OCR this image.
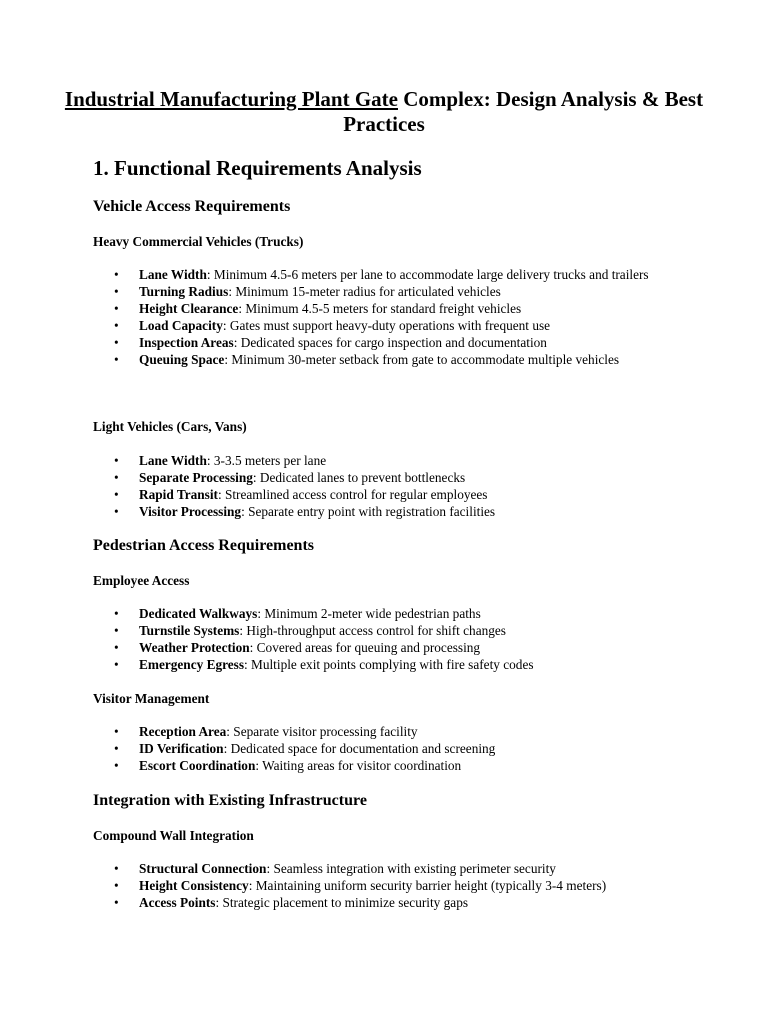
Industrial Manufacturing Plant Gate Complex: Design Analysis & Best Practices
1. Functional Requirements Analysis
Vehicle Access Requirements
Heavy Commercial Vehicles (Trucks)
• Lane Width: Minimum 4.5-6 meters per lane to accommodate large delivery trucks and trailers
• Turning Radius: Minimum 15-meter radius for articulated vehicles
• Height Clearance: Minimum 4.5-5 meters for standard freight vehicles
• Load Capacity: Gates must support heavy-duty operations with frequent use
• Inspection Areas: Dedicated spaces for cargo inspection and documentation
• Queuing Space: Minimum 30-meter setback from gate to accommodate multiple vehicles
Light Vehicles (Cars, Vans)
• Lane Width: 3-3.5 meters per lane
• Separate Processing: Dedicated lanes to prevent bottlenecks
• Rapid Transit: Streamlined access control for regular employees
• Visitor Processing: Separate entry point with registration facilities
Pedestrian Access Requirements
Employee Access
• Dedicated Walkways: Minimum 2-meter wide pedestrian paths
• Turnstile Systems: High-throughput access control for shift changes
• Weather Protection: Covered areas for queuing and processing
• Emergency Egress: Multiple exit points complying with fire safety codes
Visitor Management
• Reception Area: Separate visitor processing facility
• ID Verification: Dedicated space for documentation and screening
• Escort Coordination: Waiting areas for visitor coordination
Integration with Existing Infrastructure
Compound Wall Integration
• Structural Connection: Seamless integration with existing perimeter security
• Height Consistency: Maintaining uniform security barrier height (typically 3-4 meters)
• Access Points: Strategic placement to minimize security gaps
